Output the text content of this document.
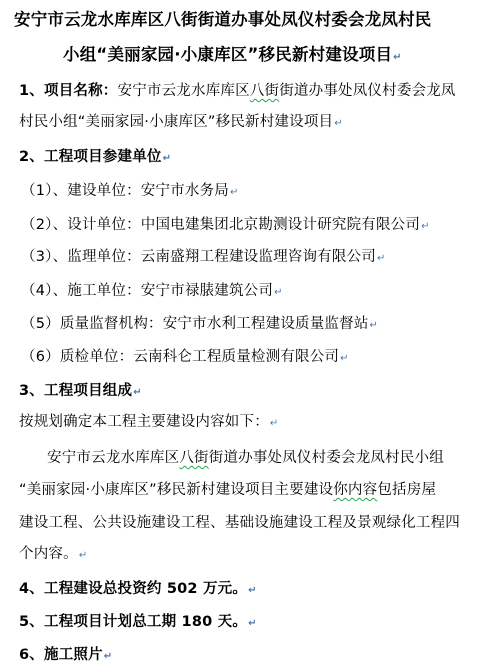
安宁市云龙水库库区八街街道办事处凤仪村委会龙凤村民
小组“美丽家园·小康库区”移民新村建设项目↵
1、项目名称：安宁市云龙水库库区八街街道办事处凤仪村委会龙凤
村民小组“美丽家园·小康库区”移民新村建设项目↵
2、工程项目参建单位↵
（1）、建设单位：安宁市水务局↵
（2）、设计单位：中国电建集团北京勘测设计研究院有限公司↵
（3）、监理单位：云南盛翔工程建设监理咨询有限公司↵
（4）、施工单位：安宁市禄脿建筑公司↵
（5）质量监督机构：安宁市水利工程建设质量监督站↵
（6）质检单位：云南科仑工程质量检测有限公司↵
3、工程项目组成↵
按规划确定本工程主要建设内容如下：↵
安宁市云龙水库库区八街街道办事处凤仪村委会龙凤村民小组
“美丽家园·小康库区”移民新村建设项目主要建设你内容包括房屋
建设工程、公共设施建设工程、基础设施建设工程及景观绿化工程四
个内容。↵
4、工程建设总投资约 502 万元。↵
5、工程项目计划总工期 180 天。↵
6、施工照片↵
